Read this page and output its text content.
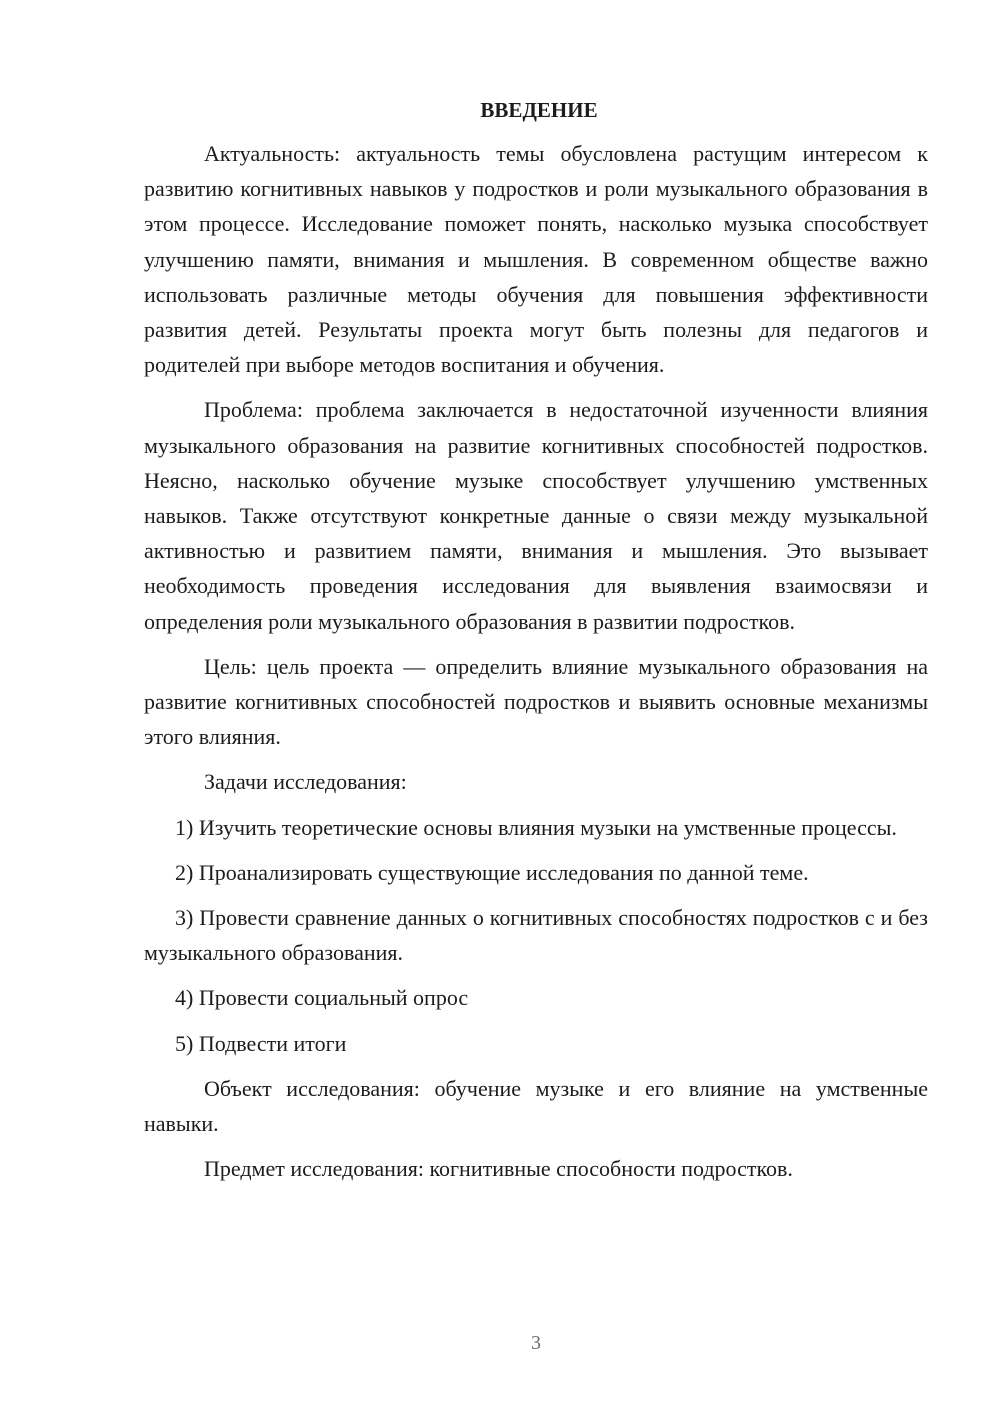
ВВЕДЕНИЕ

Актуальность: актуальность темы обусловлена растущим интересом к развитию когнитивных навыков у подростков и роли музыкального образования в этом процессе. Исследование поможет понять, насколько музыка способствует улучшению памяти, внимания и мышления. В современном обществе важно использовать различные методы обучения для повышения эффективности развития детей. Результаты проекта могут быть полезны для педагогов и родителей при выборе методов воспитания и обучения.

Проблема: проблема заключается в недостаточной изученности влияния музыкального образования на развитие когнитивных способностей подростков. Неясно, насколько обучение музыке способствует улучшению умственных навыков. Также отсутствуют конкретные данные о связи между музыкальной активностью и развитием памяти, внимания и мышления. Это вызывает необходимость проведения исследования для выявления взаимосвязи и определения роли музыкального образования в развитии подростков.

Цель: цель проекта — определить влияние музыкального образования на развитие когнитивных способностей подростков и выявить основные механизмы этого влияния.

Задачи исследования:

1) Изучить теоретические основы влияния музыки на умственные процессы.

2) Проанализировать существующие исследования по данной теме.

3) Провести сравнение данных о когнитивных способностях подростков с и без музыкального образования.

4) Провести социальный опрос

5) Подвести итоги

Объект исследования: обучение музыке и его влияние на умственные навыки.

Предмет исследования: когнитивные способности подростков.

3
